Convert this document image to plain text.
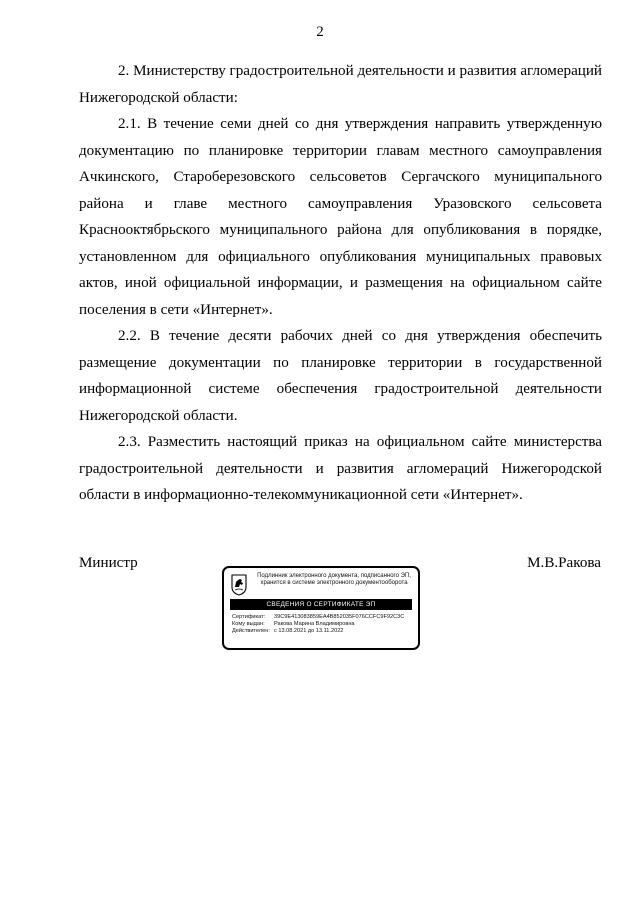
2

2. Министерству градостроительной деятельности и развития агломераций Нижегородской области:

2.1. В течение семи дней со дня утверждения направить утвержденную документацию по планировке территории главам местного самоуправления Ачкинского, Староберезовского сельсоветов Сергачского муниципального района и главе местного самоуправления Уразовского сельсовета Краснооктябрьского муниципального района для опубликования в порядке, установленном для официального опубликования муниципальных правовых актов, иной официальной информации, и размещения на официальном сайте поселения в сети «Интернет».

2.2. В течение десяти рабочих дней со дня утверждения обеспечить размещение документации по планировке территории в государственной информационной системе обеспечения градостроительной деятельности Нижегородской области.

2.3. Разместить настоящий приказ на официальном сайте министерства градостроительной деятельности и развития агломераций Нижегородской области в информационно-телекоммуникационной сети «Интернет».

Министр	М.В.Ракова
Подлинник электронного документа, подписанного ЭП,
хранится в системе электронного документооборота
СВЕДЕНИЯ О СЕРТИФИКАТЕ ЭП
Сертификат: 39C9E413083859EA4B852035F076CCFC9F92C3C
Кому выдан: Ракова Марина Владимировна
Действителен: с 13.08.2021 до 13.11.2022
